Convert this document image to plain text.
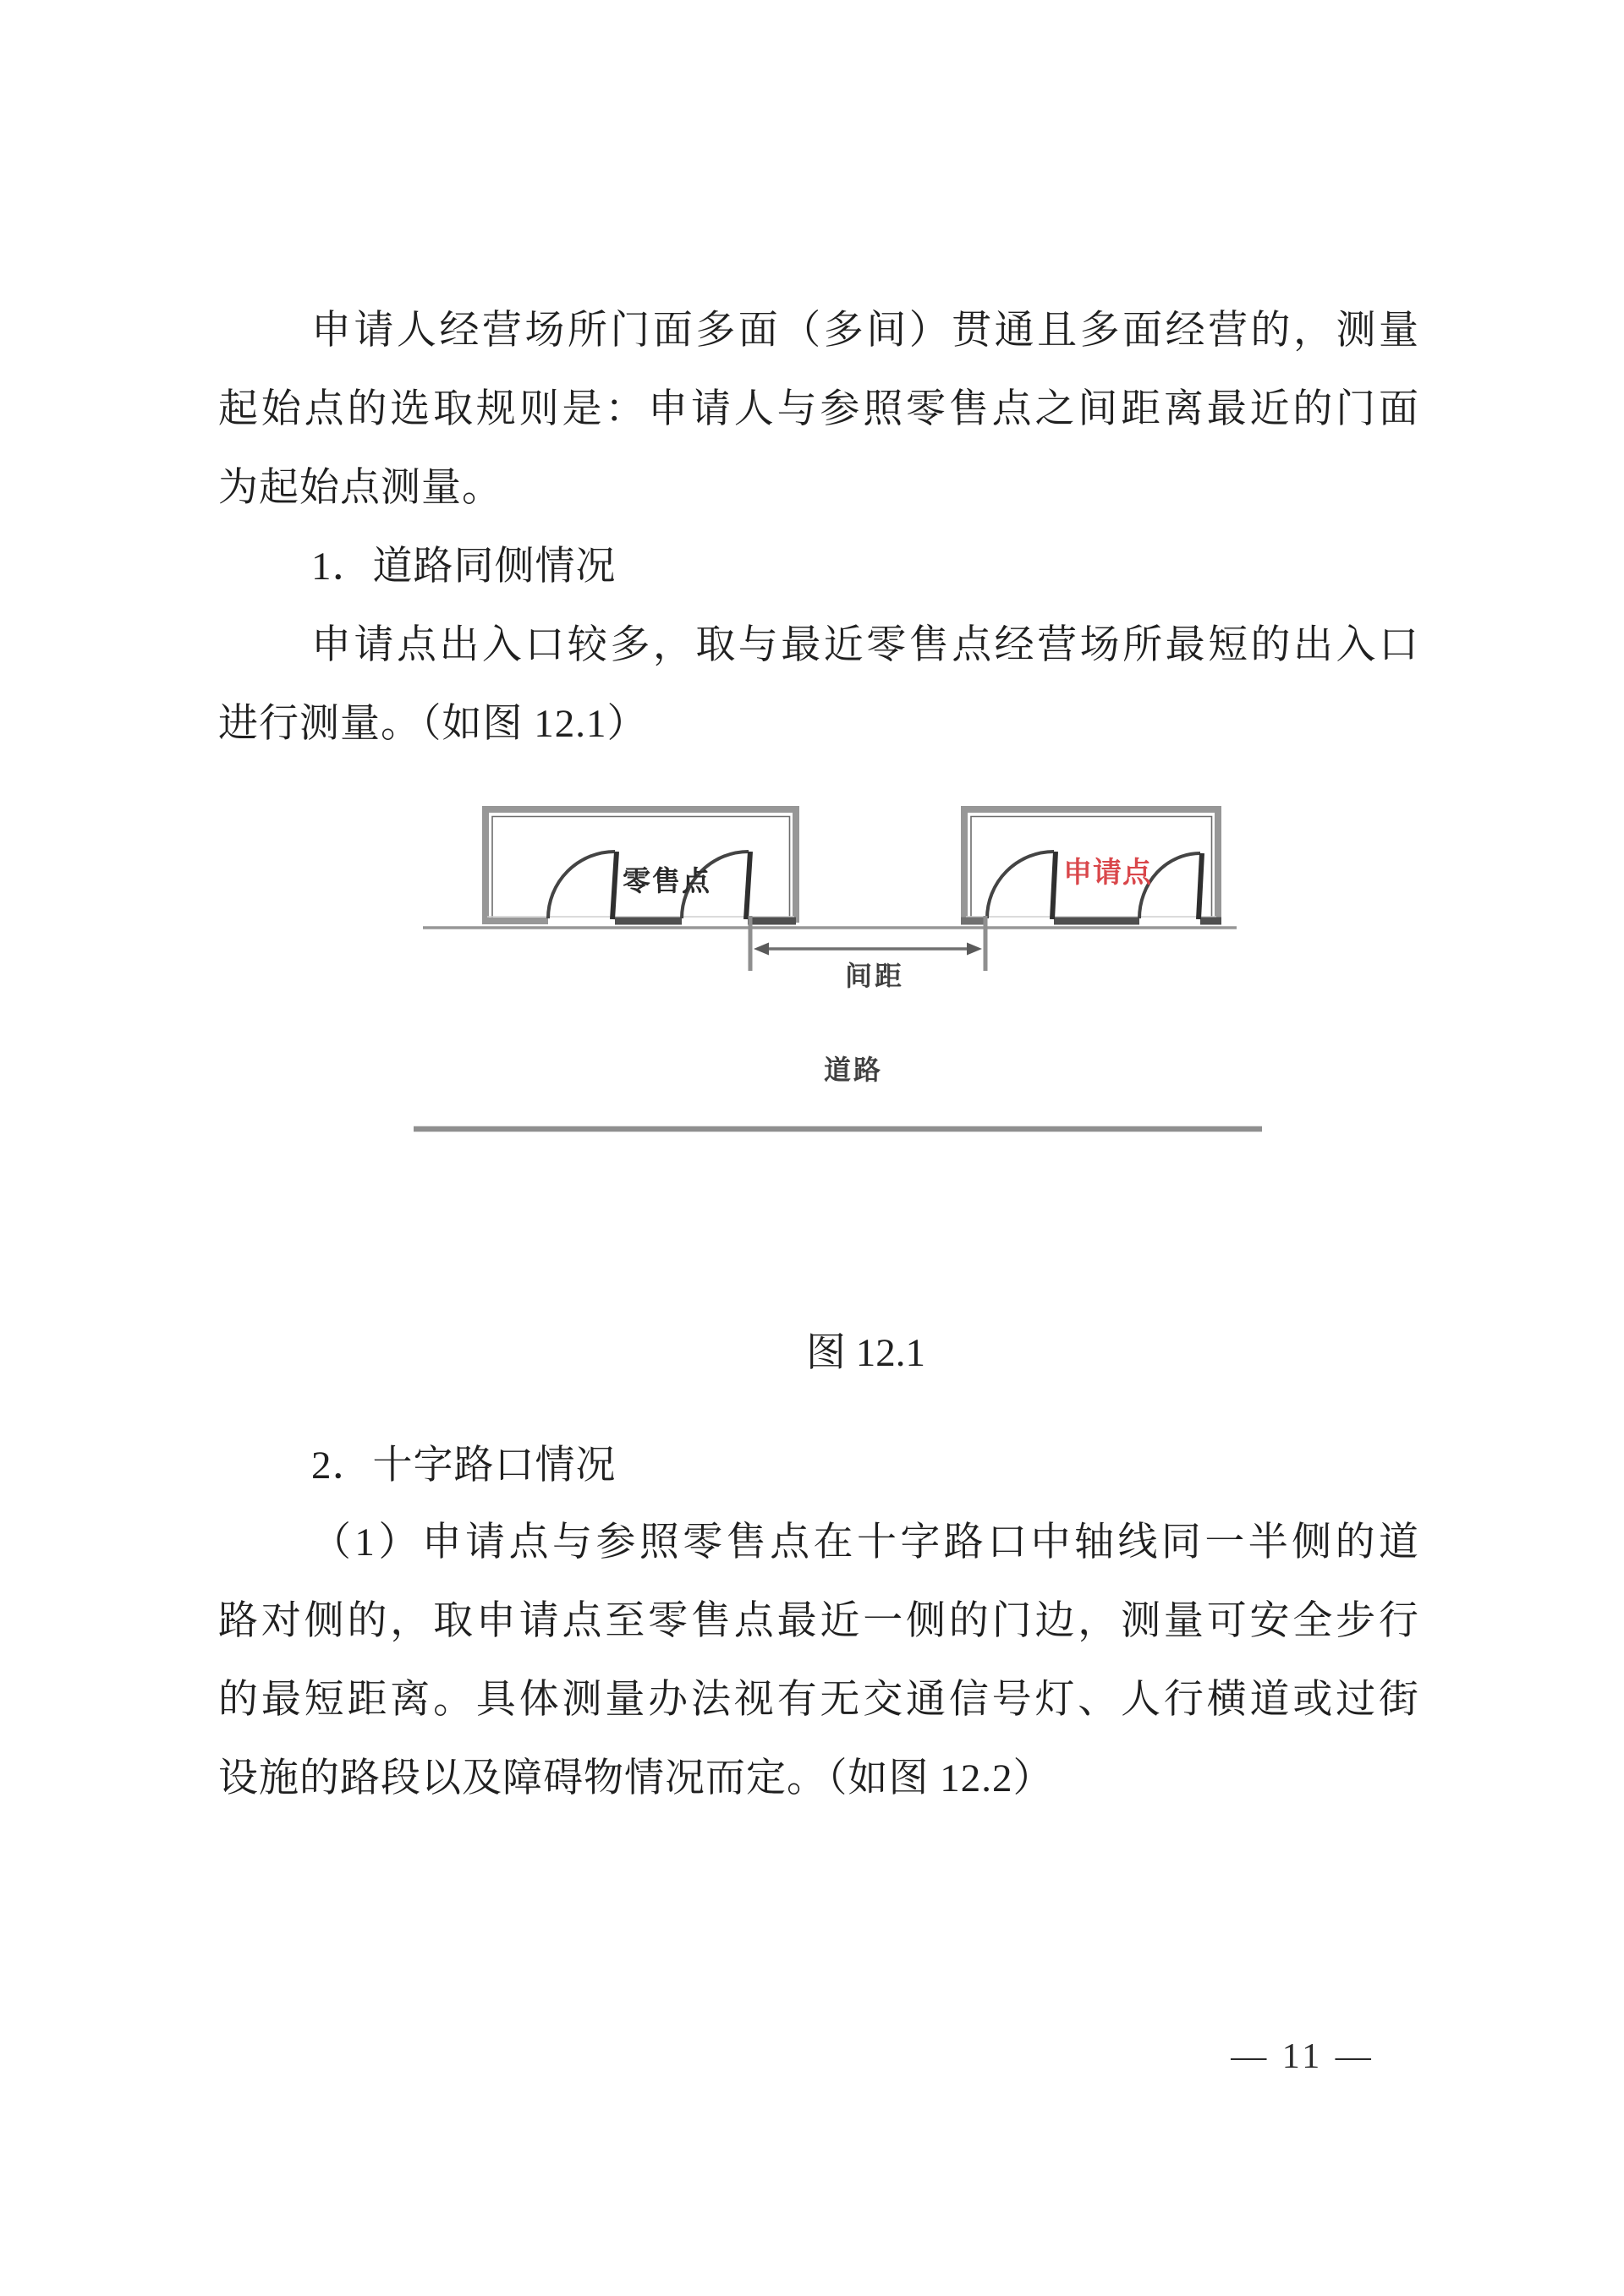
申请人经营场所门面多面（多间）贯通且多面经营的，测量
起始点的选取规则是：申请人与参照零售点之间距离最近的门面
为起始点测量。
1．道路同侧情况
申请点出入口较多，取与最近零售点经营场所最短的出入口
进行测量。（如图 12.1）
零售点	申请点
间距
道路
图 12.1
2．十字路口情况
（1）申请点与参照零售点在十字路口中轴线同一半侧的道
路对侧的，取申请点至零售点最近一侧的门边，测量可安全步行
的最短距离。具体测量办法视有无交通信号灯、人行横道或过街
设施的路段以及障碍物情况而定。（如图 12.2）
— 11 —
